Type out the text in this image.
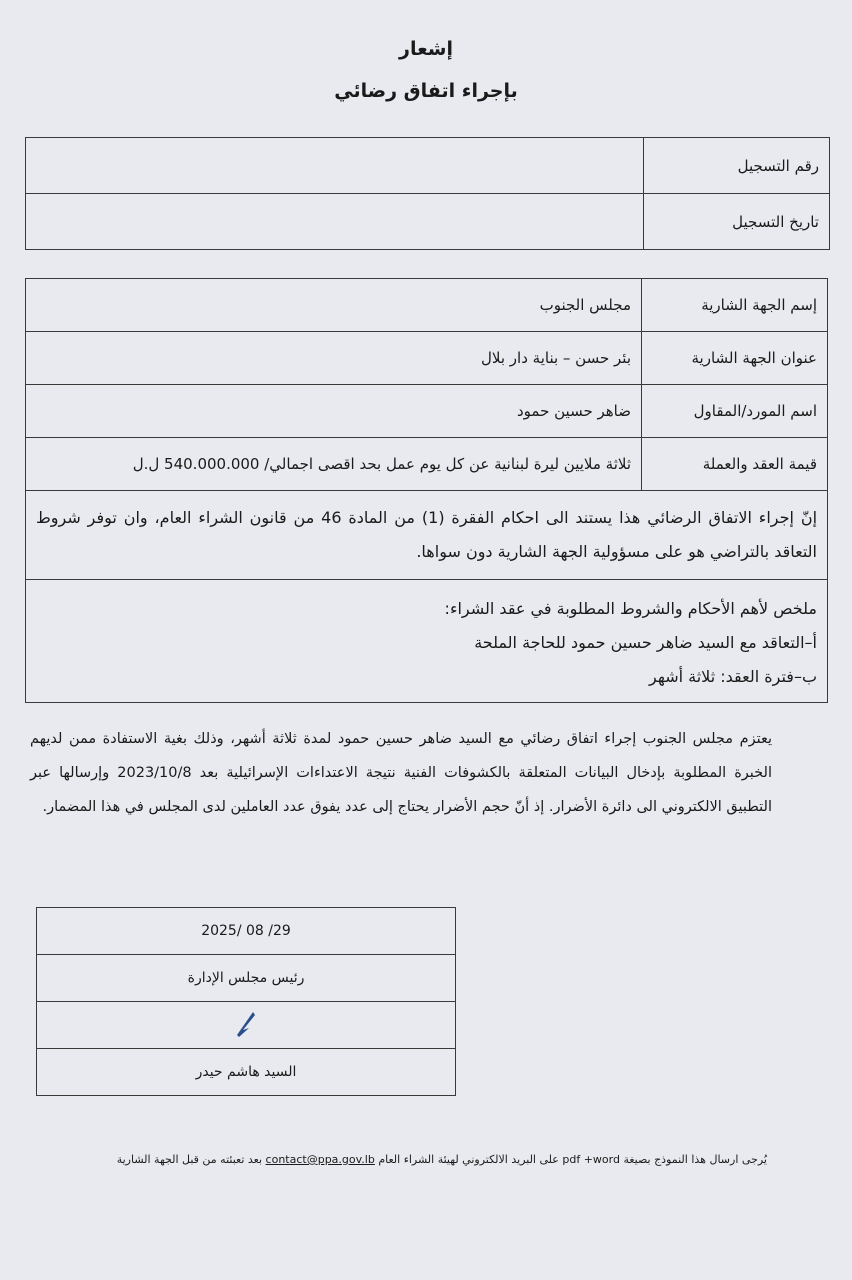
إشعار
بإجراء اتفاق رضائي
رقم التسجيل	
تاريخ التسجيل	
إسم الجهة الشارية	مجلس الجنوب
عنوان الجهة الشارية	بئر حسن – بناية دار بلال
اسم المورد/المقاول	ضاهر حسين حمود
قيمة العقد والعملة	ثلاثة ملايين ليرة لبنانية عن كل يوم عمل بحد اقصى اجمالي/ 540.000.000 ل.ل
إنّ إجراء الاتفاق الرضائي هذا يستند الى احكام الفقرة (1) من المادة 46 من قانون الشراء العام، وان توفر شروط التعاقد بالتراضي هو على مسؤولية الجهة الشارية دون سواها.	

ملخص لأهم الأحكام والشروط المطلوبة في عقد الشراء:
أ–التعاقد مع السيد ضاهر حسين حمود للحاجة الملحة
ب–فترة العقد: ثلاثة أشهر	
يعتزم مجلس الجنوب إجراء اتفاق رضائي مع السيد ضاهر حسين حمود لمدة ثلاثة أشهر، وذلك بغية الاستفادة ممن لديهم الخبرة المطلوبة بإدخال البيانات المتعلقة بالكشوفات الفنية نتيجة الاعتداءات الإسرائيلية بعد 2023/10/8 وإرسالها عبر التطبيق الالكتروني الى دائرة الأضرار. إذ أنّ حجم الأضرار يحتاج إلى عدد يفوق عدد العاملين لدى المجلس في هذا المضمار.
2025/ 08 /29
رئيس مجلس الإدارة

السيد هاشم حيدر
يُرجى ارسال هذا النموذج بصيغة pdf +word على البريد الالكتروني لهيئة الشراء العام contact@ppa.gov.lb بعد تعبئته من قبل الجهة الشارية
